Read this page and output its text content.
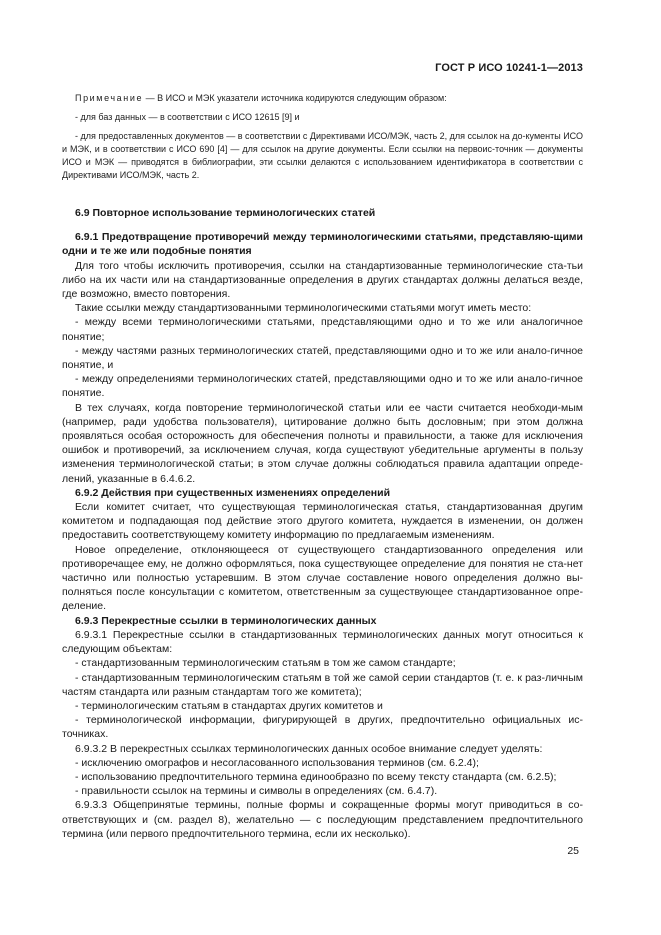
ГОСТ Р ИСО 10241-1—2013

Примечание — В ИСО и МЭК указатели источника кодируются следующим образом:

- для баз данных — в соответствии с ИСО 12615 [9] и

- для предоставленных документов — в соответствии с Директивами ИСО/МЭК, часть 2, для ссылок на до-кументы ИСО и МЭК, и в соответствии с ИСО 690 [4] — для ссылок на другие документы. Если ссылки на первоис-точник — документы ИСО и МЭК — приводятся в библиографии, эти ссылки делаются с использованием идентификатора в соответствии с Директивами ИСО/МЭК, часть 2.

6.9 Повторное использование терминологических статей

6.9.1 Предотвращение противоречий между терминологическими статьями, представляю-щими одни и те же или подобные понятия

Для того чтобы исключить противоречия, ссылки на стандартизованные терминологические ста-тьи либо на их части или на стандартизованные определения в других стандартах должны делаться везде, где возможно, вместо повторения.

Такие ссылки между стандартизованными терминологическими статьями могут иметь место:

- между всеми терминологическими статьями, представляющими одно и то же или аналогичное понятие;

- между частями разных терминологических статей, представляющими одно и то же или анало-гичное понятие, и

- между определениями терминологических статей, представляющими одно и то же или анало-гичное понятие.

В тех случаях, когда повторение терминологической статьи или ее части считается необходи-мым (например, ради удобства пользователя), цитирование должно быть дословным; при этом должна проявляться особая осторожность для обеспечения полноты и правильности, а также для исключения ошибок и противоречий, за исключением случая, когда существуют убедительные аргументы в пользу изменения терминологической статьи; в этом случае должны соблюдаться правила адаптации опреде-лений, указанные в 6.4.6.2.

6.9.2 Действия при существенных изменениях определений

Если комитет считает, что существующая терминологическая статья, стандартизованная другим комитетом и подпадающая под действие этого другого комитета, нуждается в изменении, он должен предоставить соответствующему комитету информацию по предлагаемым изменениям.

Новое определение, отклоняющееся от существующего стандартизованного определения или противоречащее ему, не должно оформляться, пока существующее определение для понятия не ста-нет частично или полностью устаревшим. В этом случае составление нового определения должно вы-полняться после консультации с комитетом, ответственным за существующее стандартизованное опре-деление.

6.9.3 Перекрестные ссылки в терминологических данных

6.9.3.1 Перекрестные ссылки в стандартизованных терминологических данных могут относиться к следующим объектам:

- стандартизованным терминологическим статьям в том же самом стандарте;

- стандартизованным терминологическим статьям в той же самой серии стандартов (т. е. к раз-личным частям стандарта или разным стандартам того же комитета);

- терминологическим статьям в стандартах других комитетов и

- терминологической информации, фигурирующей в других, предпочтительно официальных ис-точниках.

6.9.3.2 В перекрестных ссылках терминологических данных особое внимание следует уделять:

- исключению омографов и несогласованного использования терминов (см. 6.2.4);

- использованию предпочтительного термина единообразно по всему тексту стандарта (см. 6.2.5);

- правильности ссылок на термины и символы в определениях (см. 6.4.7).

6.9.3.3 Общепринятые термины, полные формы и сокращенные формы могут приводиться в со-ответствующих и (см. раздел 8), желательно — с последующим представлением предпочтительного термина (или первого предпочтительного термина, если их несколько).

25
